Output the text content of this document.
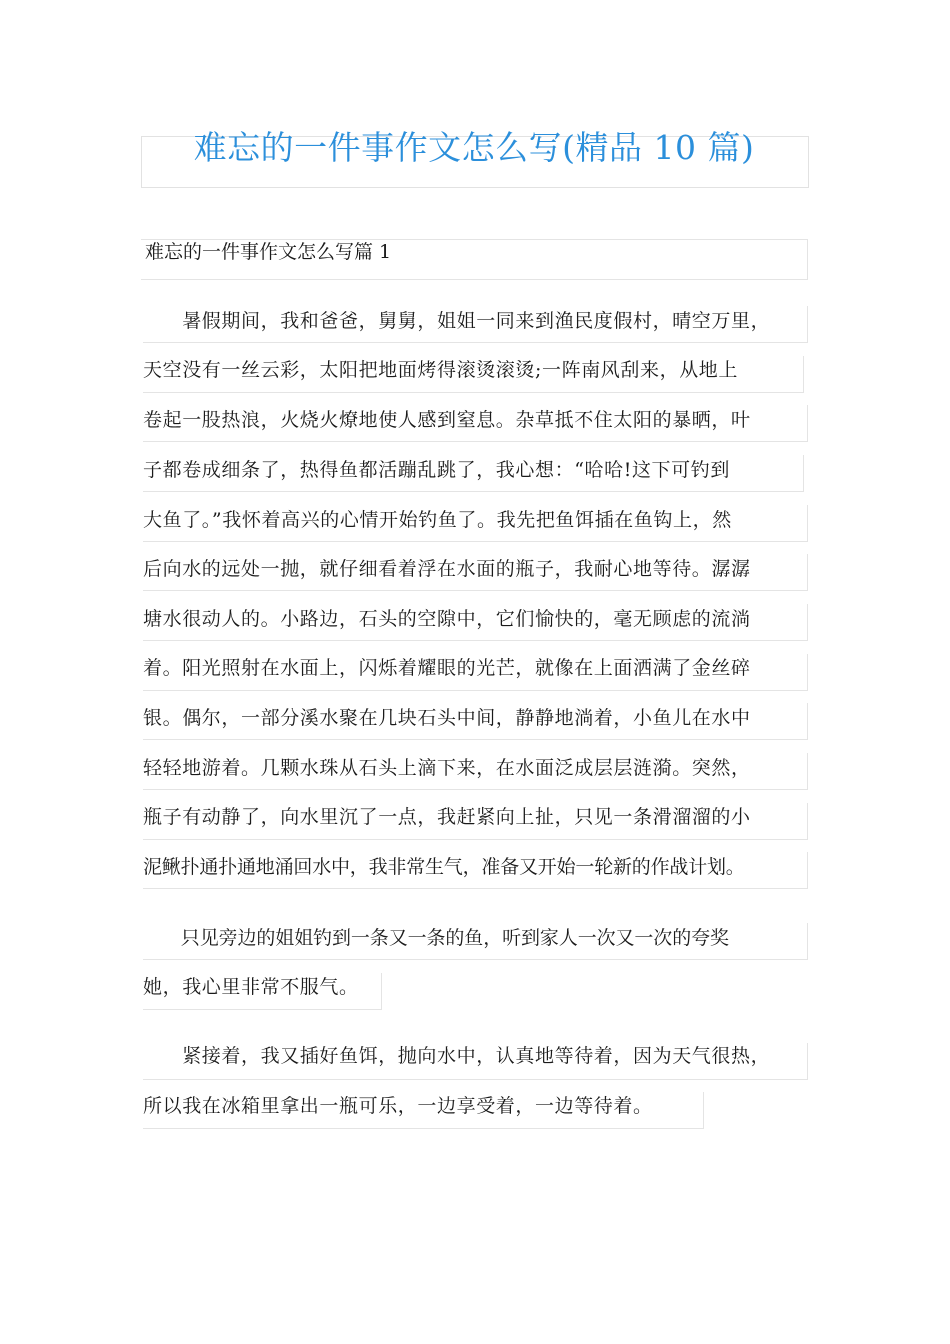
难忘的一件事作文怎么写(精品 10 篇)
难忘的一件事作文怎么写篇 1
　　暑假期间，我和爸爸，舅舅，姐姐一同来到渔民度假村，晴空万里，
天空没有一丝云彩，太阳把地面烤得滚烫滚烫;一阵南风刮来，从地上
卷起一股热浪，火烧火燎地使人感到窒息。杂草抵不住太阳的暴晒，叶
子都卷成细条了，热得鱼都活蹦乱跳了，我心想：“哈哈!这下可钓到
大鱼了。”我怀着高兴的心情开始钓鱼了。我先把鱼饵插在鱼钩上，然
后向水的远处一抛，就仔细看着浮在水面的瓶子，我耐心地等待。潺潺
塘水很动人的。小路边，石头的空隙中，它们愉快的，毫无顾虑的流淌
着。阳光照射在水面上，闪烁着耀眼的光芒，就像在上面洒满了金丝碎
银。偶尔，一部分溪水聚在几块石头中间，静静地淌着，小鱼儿在水中
轻轻地游着。几颗水珠从石头上滴下来，在水面泛成层层涟漪。突然，
瓶子有动静了，向水里沉了一点，我赶紧向上扯，只见一条滑溜溜的小
泥鳅扑通扑通地涌回水中，我非常生气，准备又开始一轮新的作战计划。
　　只见旁边的姐姐钓到一条又一条的鱼，听到家人一次又一次的夸奖
她，我心里非常不服气。
　　紧接着，我又插好鱼饵，抛向水中，认真地等待着，因为天气很热，
所以我在冰箱里拿出一瓶可乐，一边享受着，一边等待着。
